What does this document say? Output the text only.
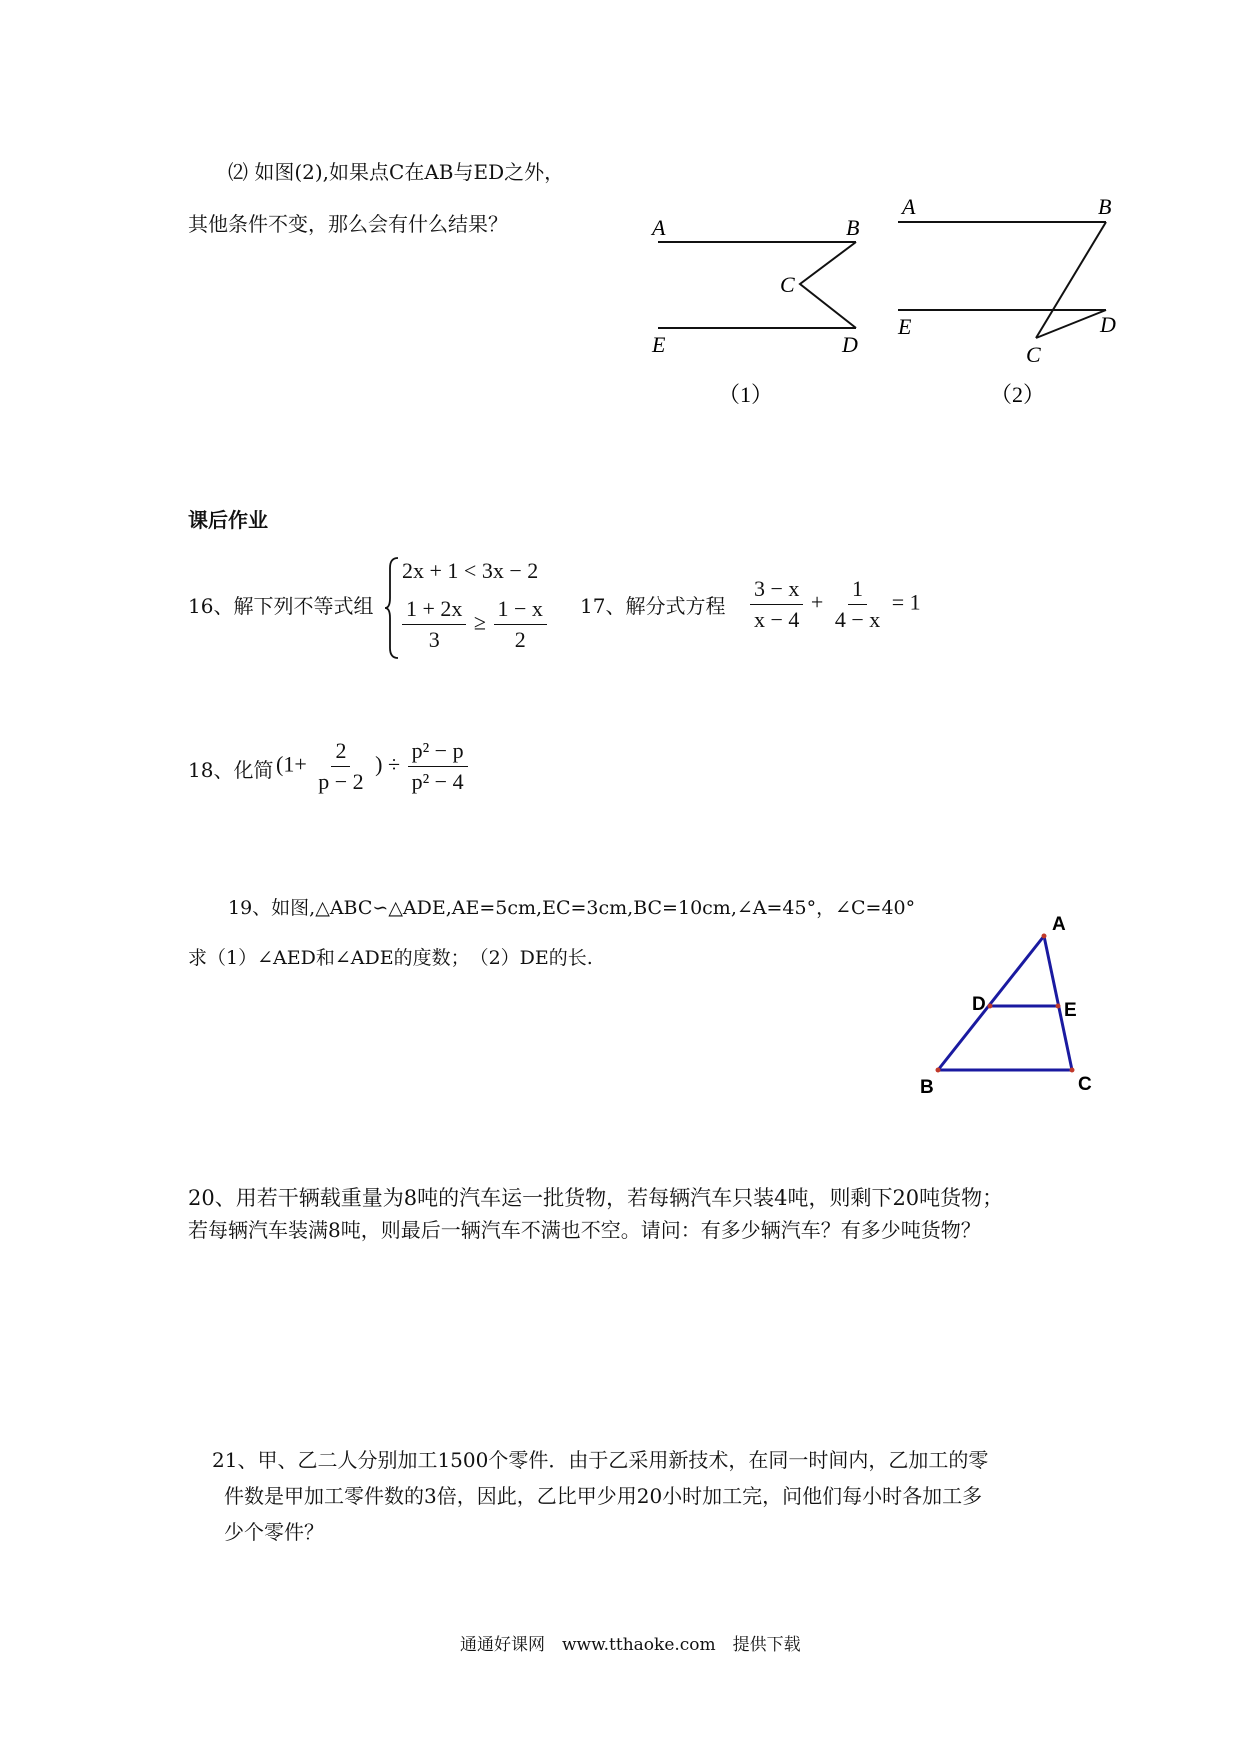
⑵ 如图(2),如果点C在AB与ED之外，
其他条件不变，那么会有什么结果？	A	B
C
E	D
（1）
A	B
E	D
C
（2）
课后作业
16、解下列不等式组
2x + 1 < 3x − 2
$\frac{1 + 2x}{3} \ge \frac{1 - x}{2} 17$、解分式方程 $\frac{3 - x}{x - 4} + \frac{1}{4 - x} = 1$
18、化简 ($1+ \frac{2}{p - 2}$ ) ÷ $\frac{\text{p² − p}}{\text{p² − 4}}$
19、如图,△ABC∽△ADE,AE=5cm,EC=3cm,BC=10cm,∠A=45°，∠C=40°
求（1）∠AED和∠ADE的度数；　（2）DE的长.
A
D	E
B	C
20、用若干辆载重量为8吨的汽车运一批货物，若每辆汽车只装4吨，则剩下20吨货物；
若每辆汽车装满8吨，则最后一辆汽车不满也不空。请问：有多少辆汽车？有多少吨货物？
21、甲、乙二人分别加工1500个零件．由于乙采用新技术，在同一时间内，乙加工的零
件数是甲加工零件数的3倍，因此，乙比甲少用20小时加工完，问他们每小时各加工多
少个零件？
通通好课网　www.tthaoke.com　提供下载
